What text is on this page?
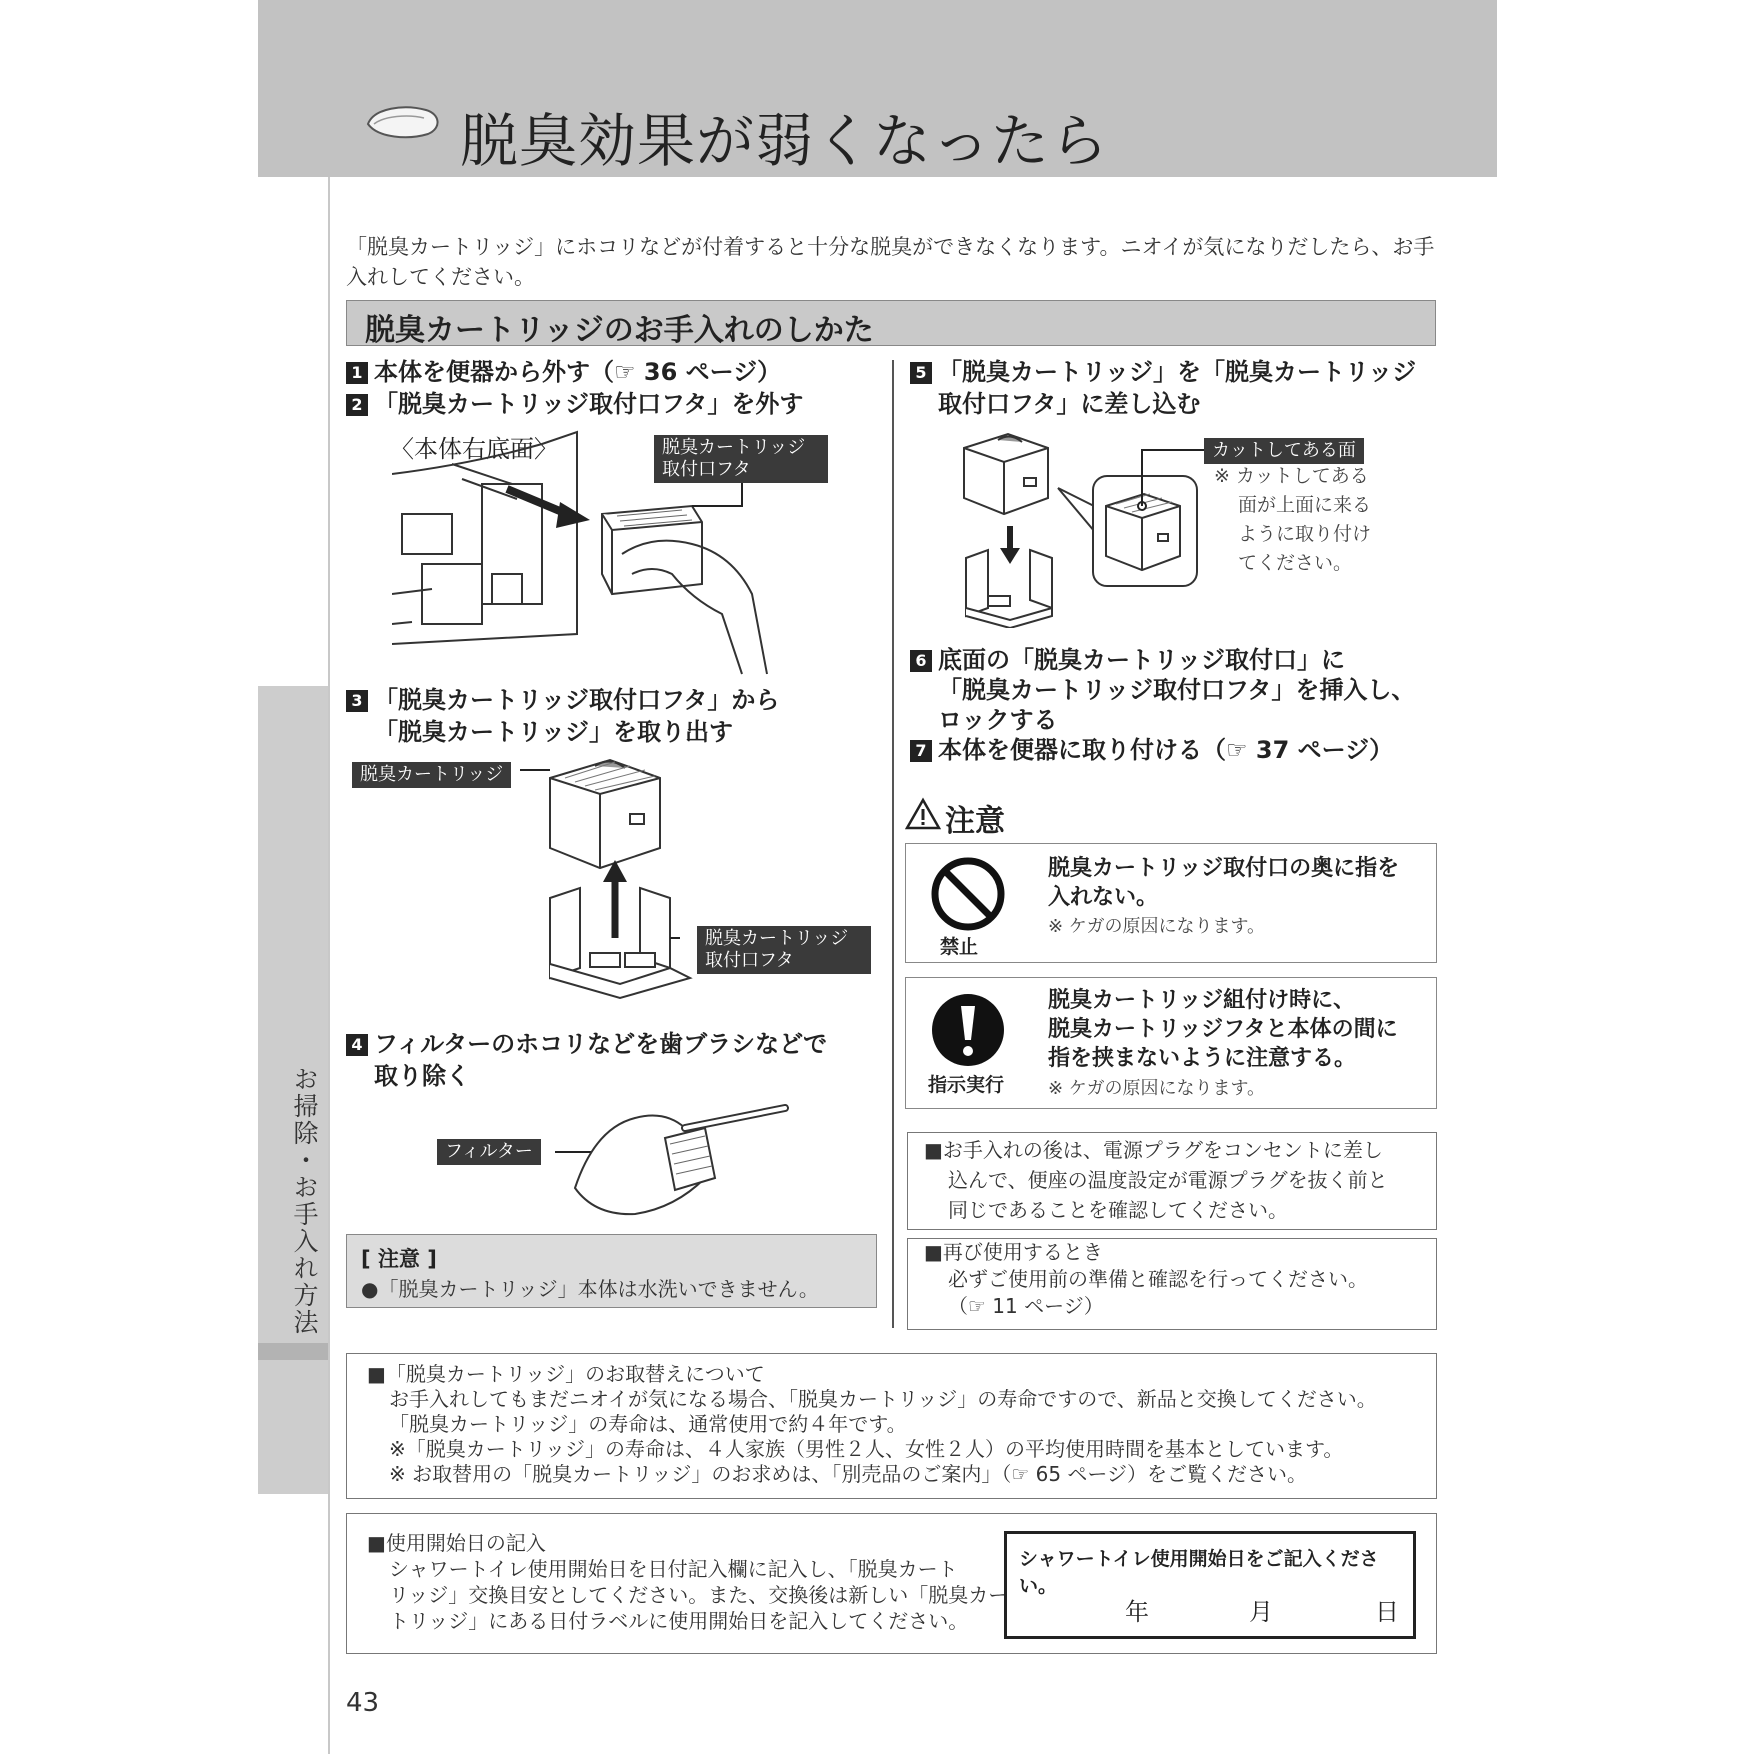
脱臭効果が弱くなったら
お掃除・お手入れ方法
「脱臭カートリッジ」にホコリなどが付着すると十分な脱臭ができなくなります。ニオイが気になりだしたら、お手入れしてください。
脱臭カートリッジのお手入れのしかた
1 本体を便器から外す（☞ 36 ページ）
2 「脱臭カートリッジ取付口フタ」を外す
〈本体右底面〉	脱臭カートリッジ
取付口フタ
3 「脱臭カートリッジ取付口フタ」から
「脱臭カートリッジ」を取り出す
脱臭カートリッジ
脱臭カートリッジ
取付口フタ
4 フィルターのホコリなどを歯ブラシなどで
取り除く
フィルター
[ 注意 ]
●「脱臭カートリッジ」本体は水洗いできません。
5 「脱臭カートリッジ」を「脱臭カートリッジ
取付口フタ」に差し込む
カットしてある面
※ カットしてある
面が上面に来る
ように取り付け
てください。
6 底面の「脱臭カートリッジ取付口」に
「脱臭カートリッジ取付口フタ」を挿入し、
ロックする
7 本体を便器に取り付ける（☞ 37 ページ）
注意
禁止
脱臭カートリッジ取付口の奥に指を
入れない。
※ ケガの原因になります。
指示実行
脱臭カートリッジ組付け時に、
脱臭カートリッジフタと本体の間に
指を挟まないように注意する。
※ ケガの原因になります。
■お手入れの後は、電源プラグをコンセントに差し
込んで、便座の温度設定が電源プラグを抜く前と
同じであることを確認してください。
■再び使用するとき
必ずご使用前の準備と確認を行ってください。
（☞ 11 ページ）
■「脱臭カートリッジ」のお取替えについて
お手入れしてもまだニオイが気になる場合、「脱臭カートリッジ」の寿命ですので、新品と交換してください。
「脱臭カートリッジ」の寿命は、通常使用で約４年です。
※「脱臭カートリッジ」の寿命は、４人家族（男性２人、女性２人）の平均使用時間を基本としています。
※ お取替用の「脱臭カートリッジ」のお求めは、「別売品のご案内」（☞ 65 ページ）をご覧ください。
■使用開始日の記入
シャワートイレ使用開始日を日付記入欄に記入し、「脱臭カート
リッジ」交換目安としてください。また、交換後は新しい「脱臭カー
トリッジ」にある日付ラベルに使用開始日を記入してください。
シャワートイレ使用開始日をご記入ください。
年	月	日
43
